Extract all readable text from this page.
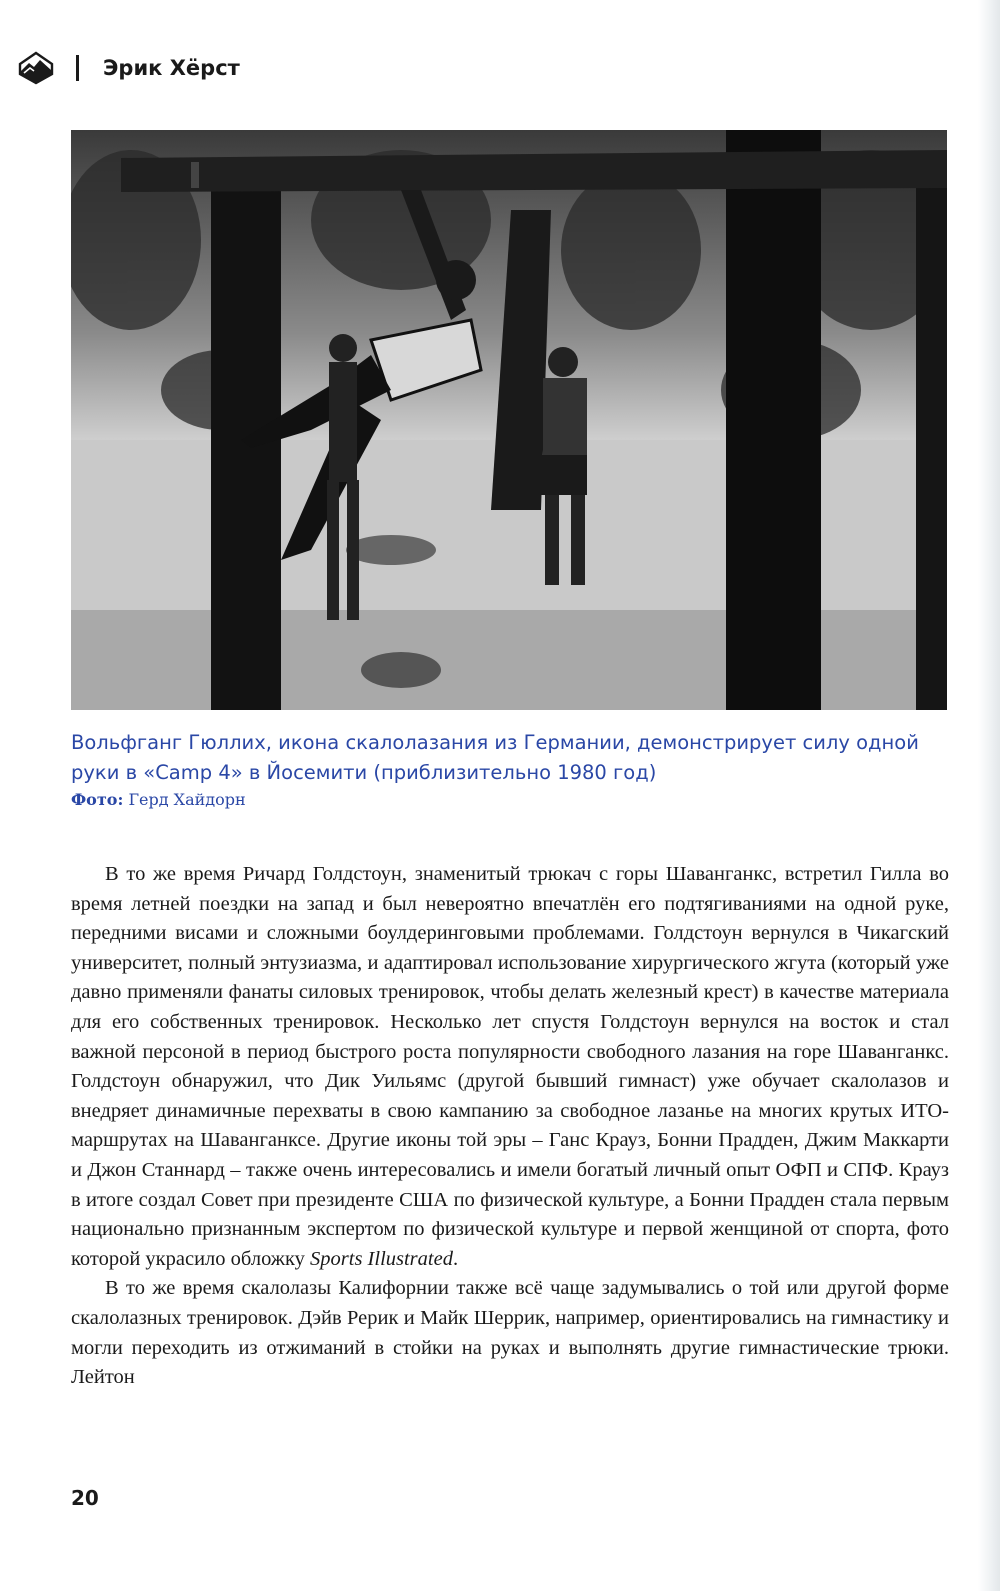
Эрик Хёрст

Вольфганг Гюллих, икона скалолазания из Германии, демонстрирует силу одной руки в «Camp 4» в Йосемити (приблизительно 1980 год)

Фото: Герд Хайдорн

В то же время Ричард Голдстоун, знаменитый трюкач с горы Шаванганкс, встретил Гилла во время летней поездки на запад и был невероятно впечатлён его подтягиваниями на одной руке, передними висами и сложными боулдеринговыми проблемами. Голдстоун вернулся в Чикагский университет, полный энтузиазма, и адаптировал использование хирургического жгута (который уже давно применяли фанаты силовых тренировок, чтобы делать железный крест) в качестве материала для его собственных тренировок. Несколько лет спустя Голдстоун вернулся на восток и стал важной персоной в период быстрого роста популярности свободного лазания на горе Шаванганкс. Голдстоун обнаружил, что Дик Уильямс (другой бывший гимнаст) уже обучает скалолазов и внедряет динамичные перехваты в свою кампанию за свободное лазанье на многих крутых ИТО-маршрутах на Шаванганксе. Другие иконы той эры – Ганс Крауз, Бонни Прадден, Джим Маккарти и Джон Станнард – также очень интересовались и имели богатый личный опыт ОФП и СПФ. Крауз в итоге создал Совет при президенте США по физической культуре, а Бонни Прадден стала первым национально признанным экспертом по физической культуре и первой женщиной от спорта, фото которой украсило обложку Sports Illustrated.

В то же время скалолазы Калифорнии также всё чаще задумывались о той или другой форме скалолазных тренировок. Дэйв Рерик и Майк Шеррик, например, ориентировались на гимнастику и могли переходить из отжиманий в стойки на руках и выполнять другие гимнастические трюки. Лейтон

20
